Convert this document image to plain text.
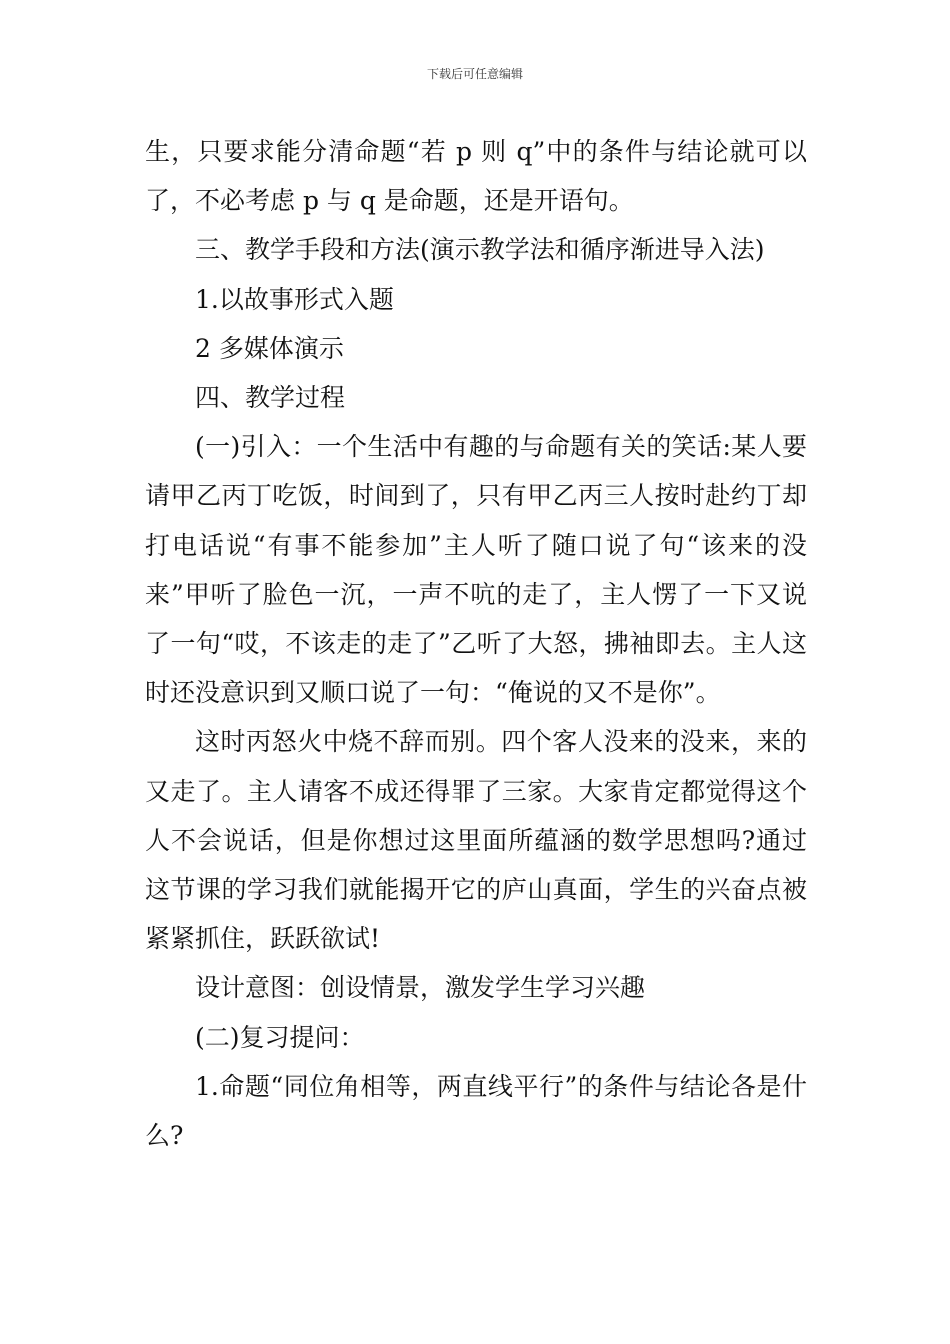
下载后可任意编辑

生，只要求能分清命题“若 p 则 q”中的条件与结论就可以了，不必考虑 p 与 q 是命题，还是开语句。

三、教学手段和方法(演示教学法和循序渐进导入法)

1.以故事形式入题

2 多媒体演示

四、教学过程

(一)引入：一个生活中有趣的与命题有关的笑话:某人要请甲乙丙丁吃饭，时间到了，只有甲乙丙三人按时赴约丁却打电话说“有事不能参加”主人听了随口说了句“该来的没来”甲听了脸色一沉，一声不吭的走了，主人愣了一下又说了一句“哎，不该走的走了”乙听了大怒，拂袖即去。主人这时还没意识到又顺口说了一句：“俺说的又不是你”。

这时丙怒火中烧不辞而别。四个客人没来的没来，来的又走了。主人请客不成还得罪了三家。大家肯定都觉得这个人不会说话，但是你想过这里面所蕴涵的数学思想吗?通过这节课的学习我们就能揭开它的庐山真面，学生的兴奋点被紧紧抓住，跃跃欲试!

设计意图：创设情景，激发学生学习兴趣

(二)复习提问：

1.命题“同位角相等，两直线平行”的条件与结论各是什么?
